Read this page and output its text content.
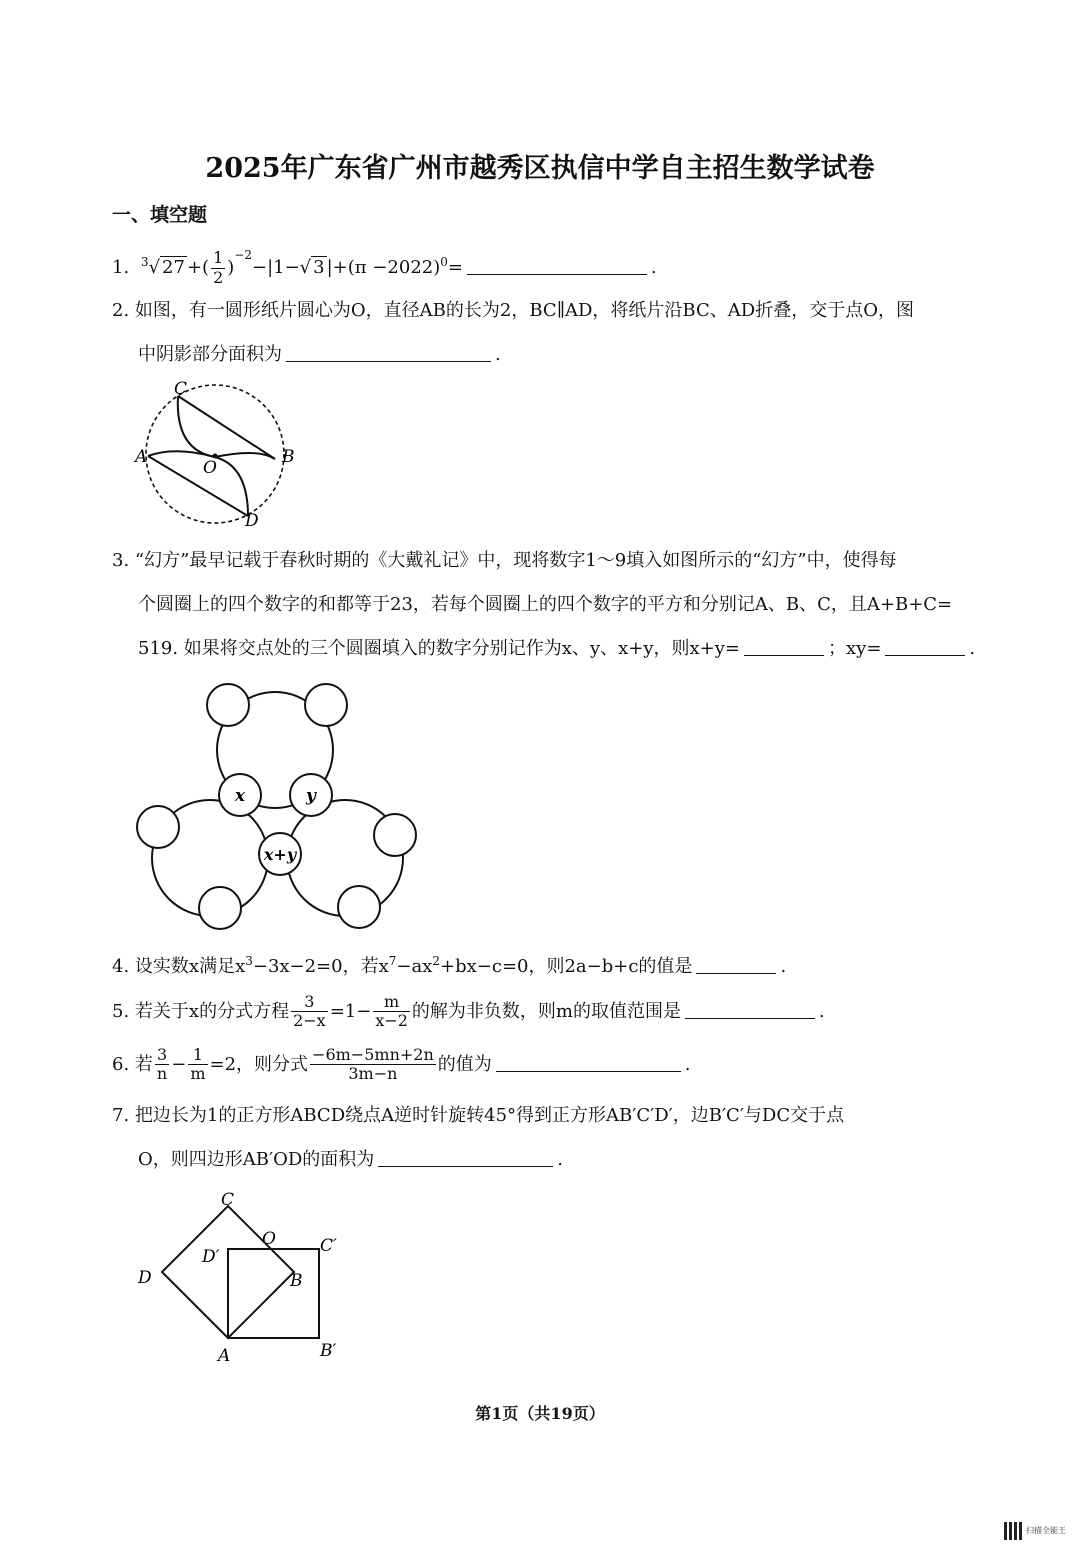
2025年广东省广州市越秀区执信中学自主招生数学试卷
一、填空题
1. $^3$√ 27 +( $\frac{1}{2} )^{-2}-|1-√$ 3 $|+(\pi -2022)^0=$	.
2. 如图，有一圆形纸片圆心为O，直径AB的长为2，BC∥AD，将纸片沿BC、AD折叠，交于点O，图
中阴影部分面积为	.
C
A
O
B
D
3. “幻方”最早记载于春秋时期的《大戴礼记》中，现将数字1～9填入如图所示的“幻方”中，使得每
个圆圈上的四个数字的和都等于23，若每个圆圈上的四个数字的平方和分别记A、B、C，且A+B+C=
519. 如果将交点处的三个圆圈填入的数字分别记作为x、y、x+y，则x+y=	；xy=	.
x	y
x+y
4. 设实数x满足$x^3-3x-2=0$，若$x^7-ax^2+bx-c=0$，则2a−b+c的值是	.
5. 若关于x的分式方程 $\frac{3}{2-x} =1- \frac{m}{x-2}$ 的解为非负数，则m的取值范围是	.
6. 若 $\frac{3}{n} - \frac{1}{m} =2$，则分式 $\frac{-6m-5mn+2n}{3m-n}$ 的值为	.
7. 把边长为1的正方形ABCD绕点A逆时针旋转45°得到正方形AB′C′D′，边B′C′与DC交于点
O，则四边形AB′OD的面积为	.
C
O	C′
D′
D	B
A	B′
第1页（共19页）
扫描全能王
